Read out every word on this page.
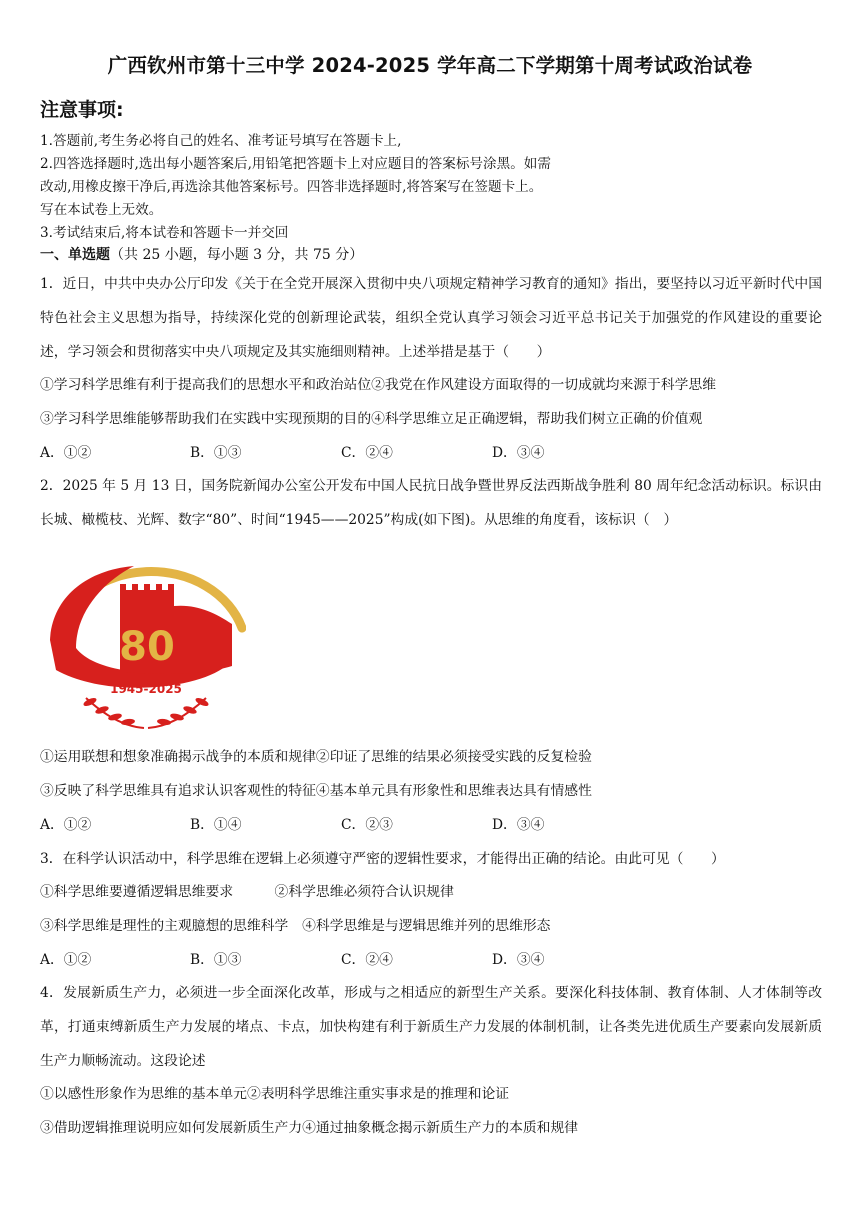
广西钦州市第十三中学 2024-2025 学年高二下学期第十周考试政治试卷
注意事项:
1.答题前,考生务必将自己的姓名、准考证号填写在答题卡上,
2.四答选择题时,选出每小题答案后,用铅笔把答题卡上对应题目的答案标号涂黑。如需
改动,用橡皮擦干净后,再选涂其他答案标号。四答非选择题时,将答案写在签题卡上。
写在本试卷上无效。
3.考试结束后,将本试卷和答题卡一并交回
一、单选题（共 25 小题，每小题 3 分，共 75 分）
1．近日，中共中央办公厅印发《关于在全党开展深入贯彻中央八项规定精神学习教育的通知》指出，要坚持以习近平新时代中国特色社会主义思想为指导，持续深化党的创新理论武装，组织全党认真学习领会习近平总书记关于加强党的作风建设的重要论述，学习领会和贯彻落实中央八项规定及其实施细则精神。上述举措是基于（　　）
①学习科学思维有利于提高我们的思想水平和政治站位②我党在作风建设方面取得的一切成就均来源于科学思维
③学习科学思维能够帮助我们在实践中实现预期的目的④科学思维立足正确逻辑，帮助我们树立正确的价值观
A．①②	B．①③	C．②④	D．③④
2．2025 年 5 月 13 日，国务院新闻办公室公开发布中国人民抗日战争暨世界反法西斯战争胜利 80 周年纪念活动标识。标识由长城、橄榄枝、光辉、数字“80”、时间“1945——2025”构成(如下图)。从思维的角度看，该标识（　）
80
1945-2025
①运用联想和想象准确揭示战争的本质和规律②印证了思维的结果必须接受实践的反复检验
③反映了科学思维具有追求认识客观性的特征④基本单元具有形象性和思维表达具有情感性
A．①②	B．①④	C．②③	D．③④
3．在科学认识活动中，科学思维在逻辑上必须遵守严密的逻辑性要求，才能得出正确的结论。由此可见（　　）
①科学思维要遵循逻辑思维要求　　　②科学思维必须符合认识规律
③科学思维是理性的主观臆想的思维科学　④科学思维是与逻辑思维并列的思维形态
A．①②	B．①③	C．②④	D．③④
4．发展新质生产力，必须进一步全面深化改革，形成与之相适应的新型生产关系。要深化科技体制、教育体制、人才体制等改革，打通束缚新质生产力发展的堵点、卡点，加快构建有利于新质生产力发展的体制机制，让各类先进优质生产要素向发展新质生产力顺畅流动。这段论述
①以感性形象作为思维的基本单元②表明科学思维注重实事求是的推理和论证
③借助逻辑推理说明应如何发展新质生产力④通过抽象概念揭示新质生产力的本质和规律
